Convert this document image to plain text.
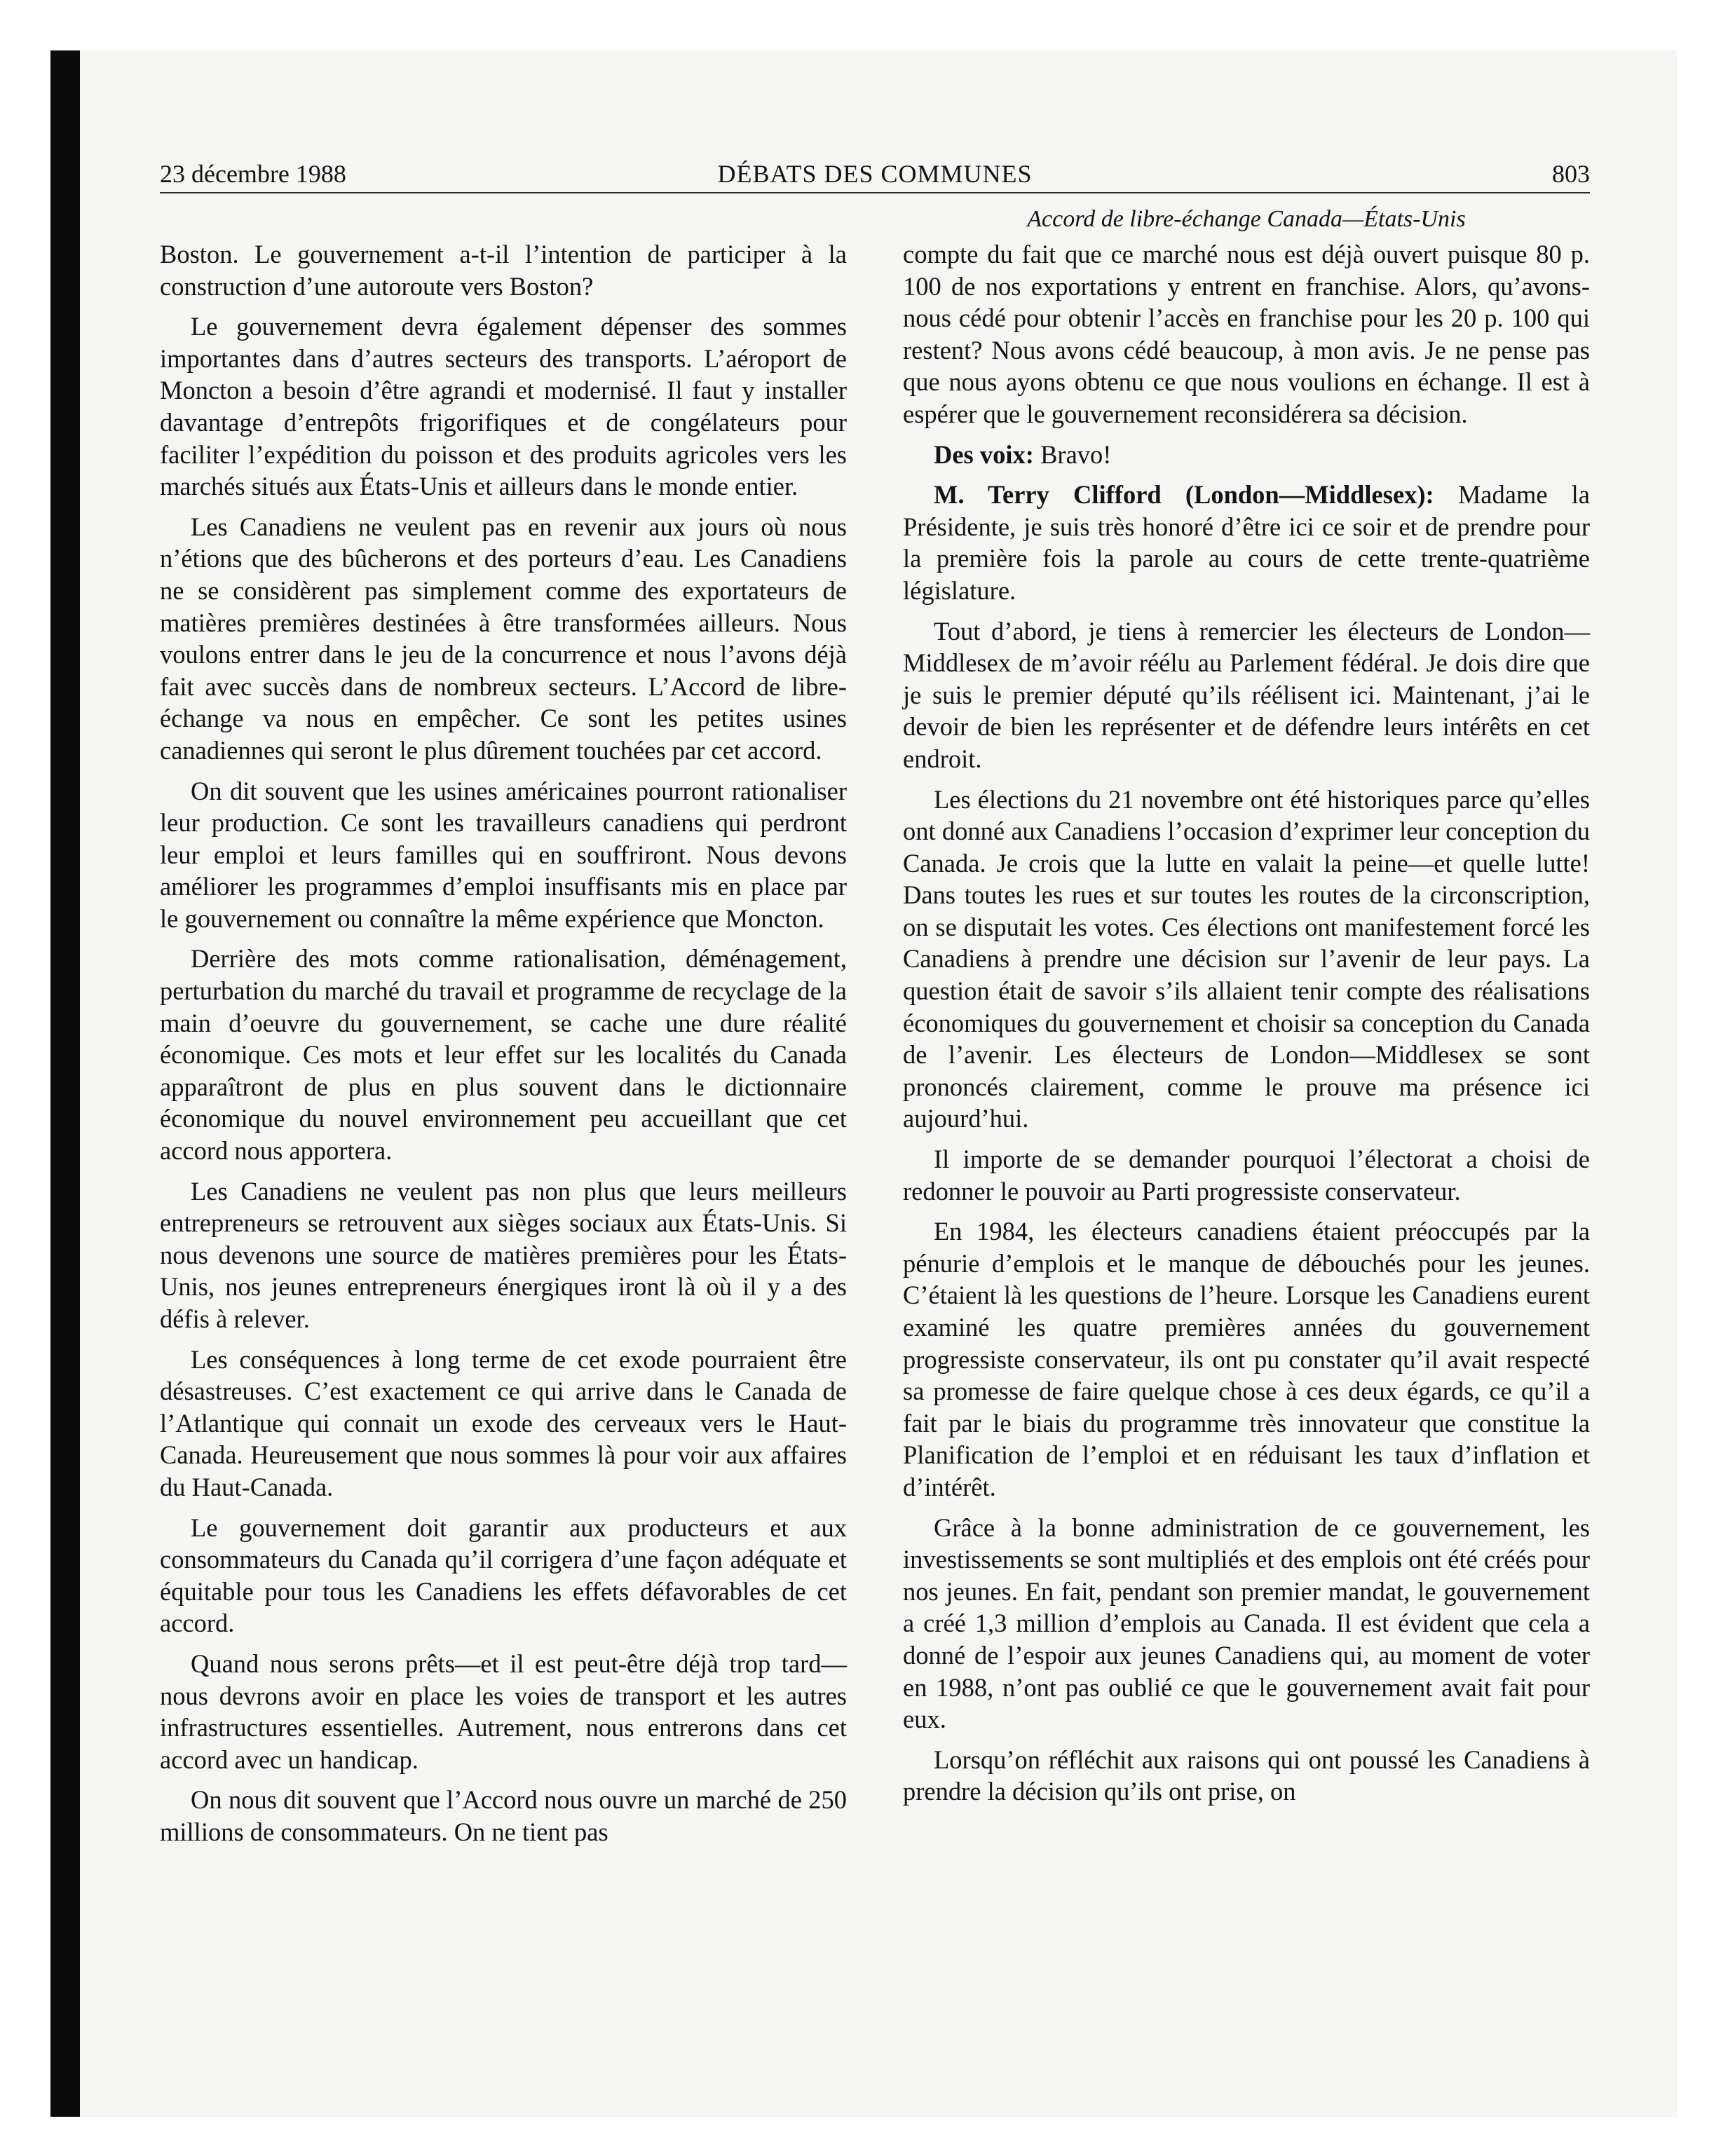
23 décembre 1988	DÉBATS DES COMMUNES	803
Accord de libre-échange Canada—États-Unis

Boston. Le gouvernement a-t-il l’intention de participer à la construction d’une autoroute vers Boston?

Le gouvernement devra également dépenser des sommes importantes dans d’autres secteurs des transports. L’aéroport de Moncton a besoin d’être agrandi et modernisé. Il faut y installer davantage d’entrepôts frigorifiques et de congélateurs pour faciliter l’expédition du poisson et des produits agricoles vers les marchés situés aux États-Unis et ailleurs dans le monde entier.

Les Canadiens ne veulent pas en revenir aux jours où nous n’étions que des bûcherons et des porteurs d’eau. Les Canadiens ne se considèrent pas simplement comme des exportateurs de matières premières destinées à être transformées ailleurs. Nous voulons entrer dans le jeu de la concurrence et nous l’avons déjà fait avec succès dans de nombreux secteurs. L’Accord de libre-échange va nous en empêcher. Ce sont les petites usines canadiennes qui seront le plus dûrement touchées par cet accord.

On dit souvent que les usines américaines pourront rationaliser leur production. Ce sont les travailleurs canadiens qui perdront leur emploi et leurs familles qui en souffriront. Nous devons améliorer les programmes d’emploi insuffisants mis en place par le gouvernement ou connaître la même expérience que Moncton.

Derrière des mots comme rationalisation, déménagement, perturbation du marché du travail et programme de recyclage de la main d’oeuvre du gouvernement, se cache une dure réalité économique. Ces mots et leur effet sur les localités du Canada apparaîtront de plus en plus souvent dans le dictionnaire économique du nouvel environnement peu accueillant que cet accord nous apportera.

Les Canadiens ne veulent pas non plus que leurs meilleurs entrepreneurs se retrouvent aux sièges sociaux aux États-Unis. Si nous devenons une source de matières premières pour les États-Unis, nos jeunes entrepreneurs énergiques iront là où il y a des défis à relever.

Les conséquences à long terme de cet exode pourraient être désastreuses. C’est exactement ce qui arrive dans le Canada de l’Atlantique qui connait un exode des cerveaux vers le Haut-Canada. Heureusement que nous sommes là pour voir aux affaires du Haut-Canada.

Le gouvernement doit garantir aux producteurs et aux consommateurs du Canada qu’il corrigera d’une façon adéquate et équitable pour tous les Canadiens les effets défavorables de cet accord.

Quand nous serons prêts—et il est peut-être déjà trop tard— nous devrons avoir en place les voies de transport et les autres infrastructures essentielles. Autrement, nous entrerons dans cet accord avec un handicap.

On nous dit souvent que l’Accord nous ouvre un marché de 250 millions de consommateurs. On ne tient pas

compte du fait que ce marché nous est déjà ouvert puisque 80 p. 100 de nos exportations y entrent en franchise. Alors, qu’avons-nous cédé pour obtenir l’accès en franchise pour les 20 p. 100 qui restent? Nous avons cédé beaucoup, à mon avis. Je ne pense pas que nous ayons obtenu ce que nous voulions en échange. Il est à espérer que le gouvernement reconsidérera sa décision.

Des voix: Bravo!

M. Terry Clifford (London—Middlesex): Madame la Présidente, je suis très honoré d’être ici ce soir et de prendre pour la première fois la parole au cours de cette trente-quatrième législature.

Tout d’abord, je tiens à remercier les électeurs de London—Middlesex de m’avoir réélu au Parlement fédéral. Je dois dire que je suis le premier député qu’ils réélisent ici. Maintenant, j’ai le devoir de bien les représenter et de défendre leurs intérêts en cet endroit.

Les élections du 21 novembre ont été historiques parce qu’elles ont donné aux Canadiens l’occasion d’exprimer leur conception du Canada. Je crois que la lutte en valait la peine—et quelle lutte! Dans toutes les rues et sur toutes les routes de la circonscription, on se disputait les votes. Ces élections ont manifestement forcé les Canadiens à prendre une décision sur l’avenir de leur pays. La question était de savoir s’ils allaient tenir compte des réalisations économiques du gouvernement et choisir sa conception du Canada de l’avenir. Les électeurs de London—Middlesex se sont prononcés clairement, comme le prouve ma présence ici aujourd’hui.

Il importe de se demander pourquoi l’électorat a choisi de redonner le pouvoir au Parti progressiste conservateur.

En 1984, les électeurs canadiens étaient préoccupés par la pénurie d’emplois et le manque de débouchés pour les jeunes. C’étaient là les questions de l’heure. Lorsque les Canadiens eurent examiné les quatre premières années du gouvernement progressiste conservateur, ils ont pu constater qu’il avait respecté sa promesse de faire quelque chose à ces deux égards, ce qu’il a fait par le biais du programme très innovateur que constitue la Planification de l’emploi et en réduisant les taux d’inflation et d’intérêt.

Grâce à la bonne administration de ce gouvernement, les investissements se sont multipliés et des emplois ont été créés pour nos jeunes. En fait, pendant son premier mandat, le gouvernement a créé 1,3 million d’emplois au Canada. Il est évident que cela a donné de l’espoir aux jeunes Canadiens qui, au moment de voter en 1988, n’ont pas oublié ce que le gouvernement avait fait pour eux.

Lorsqu’on réfléchit aux raisons qui ont poussé les Canadiens à prendre la décision qu’ils ont prise, on
